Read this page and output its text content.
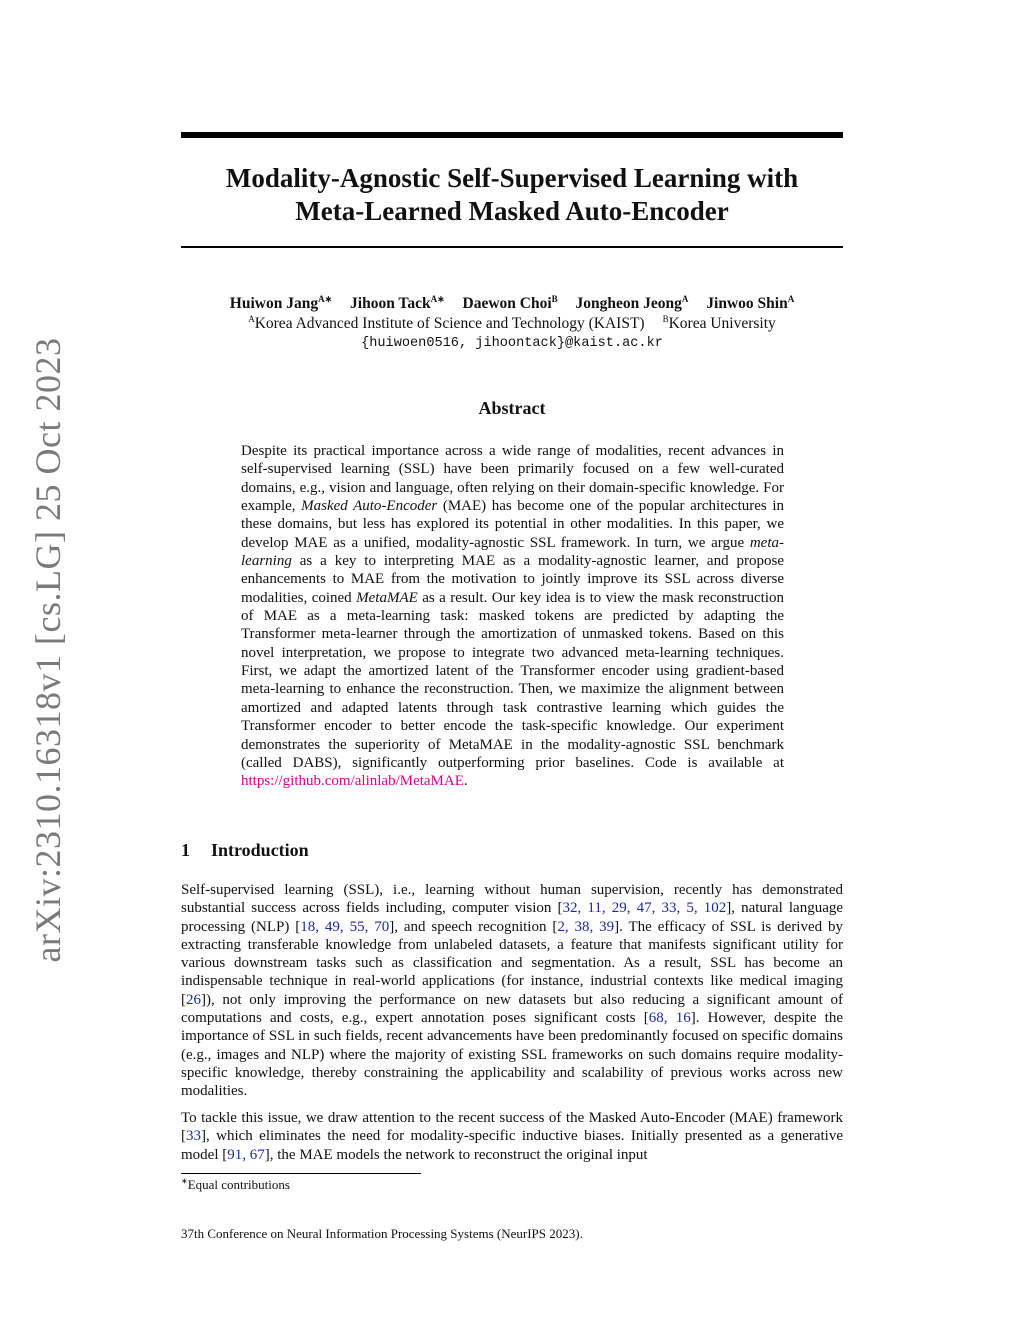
arXiv:2310.16318v1 [cs.LG] 25 Oct 2023
Modality-Agnostic Self-Supervised Learning with
Meta-Learned Masked Auto-Encoder
Huiwon Jang$^{A∗}$ Jihoon Tack$^{A∗}$ Daewon Choi$^B$ Jongheon Jeong$^A$ Jinwoo Shin$^A$
$^A$Korea Advanced Institute of Science and Technology (KAIST) $^B$Korea University
{huiwoen0516, jihoontack}@kaist.ac.kr
Abstract
Despite its practical importance across a wide range of modalities, recent advances in self-supervised learning (SSL) have been primarily focused on a few well-curated domains, e.g., vision and language, often relying on their domain-specific knowledge. For example, Masked Auto-Encoder (MAE) has become one of the popular architectures in these domains, but less has explored its potential in other modalities. In this paper, we develop MAE as a unified, modality-agnostic SSL framework. In turn, we argue meta-learning as a key to interpreting MAE as a modality-agnostic learner, and propose enhancements to MAE from the motivation to jointly improve its SSL across diverse modalities, coined MetaMAE as a result. Our key idea is to view the mask reconstruction of MAE as a meta-learning task: masked tokens are predicted by adapting the Transformer meta-learner through the amortization of unmasked tokens. Based on this novel interpretation, we propose to integrate two advanced meta-learning techniques. First, we adapt the amortized latent of the Transformer encoder using gradient-based meta-learning to enhance the reconstruction. Then, we maximize the alignment between amortized and adapted latents through task contrastive learning which guides the Transformer encoder to better encode the task-specific knowledge. Our experiment demonstrates the superiority of MetaMAE in the modality-agnostic SSL benchmark (called DABS), significantly outperforming prior baselines. Code is available at https://github.com/alinlab/MetaMAE.
1 Introduction
Self-supervised learning (SSL), i.e., learning without human supervision, recently has demonstrated substantial success across fields including, computer vision [32, 11, 29, 47, 33, 5, 102], natural language processing (NLP) [18, 49, 55, 70], and speech recognition [2, 38, 39]. The efficacy of SSL is derived by extracting transferable knowledge from unlabeled datasets, a feature that manifests significant utility for various downstream tasks such as classification and segmentation. As a result, SSL has become an indispensable technique in real-world applications (for instance, industrial contexts like medical imaging [26]), not only improving the performance on new datasets but also reducing a significant amount of computations and costs, e.g., expert annotation poses significant costs [68, 16]. However, despite the importance of SSL in such fields, recent advancements have been predominantly focused on specific domains (e.g., images and NLP) where the majority of existing SSL frameworks on such domains require modality-specific knowledge, thereby constraining the applicability and scalability of previous works across new modalities.
To tackle this issue, we draw attention to the recent success of the Masked Auto-Encoder (MAE) framework [33], which eliminates the need for modality-specific inductive biases. Initially presented as a generative model [91, 67], the MAE models the network to reconstruct the original input
∗Equal contributions
37th Conference on Neural Information Processing Systems (NeurIPS 2023).
